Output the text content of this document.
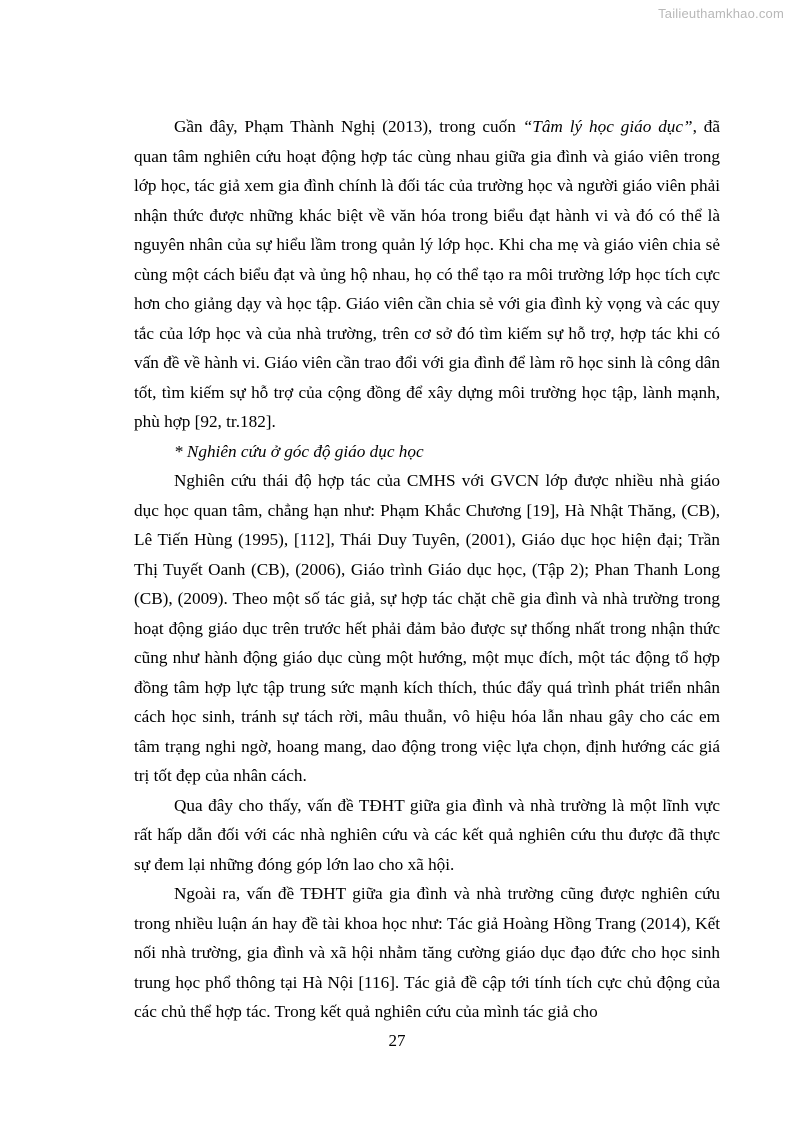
Tailieuthamkhao.com

Gần đây, Phạm Thành Nghị (2013), trong cuốn “Tâm lý học giáo dục”, đã quan tâm nghiên cứu hoạt động hợp tác cùng nhau giữa gia đình và giáo viên trong lớp học, tác giả xem gia đình chính là đối tác của trường học và người giáo viên phải nhận thức được những khác biệt về văn hóa trong biểu đạt hành vi và đó có thể là nguyên nhân của sự hiểu lầm trong quản lý lớp học. Khi cha mẹ và giáo viên chia sẻ cùng một cách biểu đạt và ủng hộ nhau, họ có thể tạo ra môi trường lớp học tích cực hơn cho giảng dạy và học tập. Giáo viên cần chia sẻ với gia đình kỳ vọng và các quy tắc của lớp học và của nhà trường, trên cơ sở đó tìm kiếm sự hỗ trợ, hợp tác khi có vấn đề về hành vi. Giáo viên cần trao đổi với gia đình để làm rõ học sinh là công dân tốt, tìm kiếm sự hỗ trợ của cộng đồng để xây dựng môi trường học tập, lành mạnh, phù hợp [92, tr.182].

* Nghiên cứu ở góc độ giáo dục học

Nghiên cứu thái độ hợp tác của CMHS với GVCN lớp được nhiều nhà giáo dục học quan tâm, chẳng hạn như: Phạm Khắc Chương [19], Hà Nhật Thăng, (CB), Lê Tiến Hùng (1995), [112], Thái Duy Tuyên, (2001), Giáo dục học hiện đại; Trần Thị Tuyết Oanh (CB), (2006), Giáo trình Giáo dục học, (Tập 2); Phan Thanh Long (CB), (2009). Theo một số tác giả, sự hợp tác chặt chẽ gia đình và nhà trường trong hoạt động giáo dục trên trước hết phải đảm bảo được sự thống nhất trong nhận thức cũng như hành động giáo dục cùng một hướng, một mục đích, một tác động tổ hợp đồng tâm hợp lực tập trung sức mạnh kích thích, thúc đẩy quá trình phát triển nhân cách học sinh, tránh sự tách rời, mâu thuẫn, vô hiệu hóa lẫn nhau gây cho các em tâm trạng nghi ngờ, hoang mang, dao động trong việc lựa chọn, định hướng các giá trị tốt đẹp của nhân cách.

Qua đây cho thấy, vấn đề TĐHT giữa gia đình và nhà trường là một lĩnh vực rất hấp dẫn đối với các nhà nghiên cứu và các kết quả nghiên cứu thu được đã thực sự đem lại những đóng góp lớn lao cho xã hội.

Ngoài ra, vấn đề TĐHT giữa gia đình và nhà trường cũng được nghiên cứu trong nhiều luận án hay đề tài khoa học như: Tác giả Hoàng Hồng Trang (2014), Kết nối nhà trường, gia đình và xã hội nhằm tăng cường giáo dục đạo đức cho học sinh trung học phổ thông tại Hà Nội [116]. Tác giả đề cập tới tính tích cực chủ động của các chủ thể hợp tác. Trong kết quả nghiên cứu của mình tác giả cho

27
